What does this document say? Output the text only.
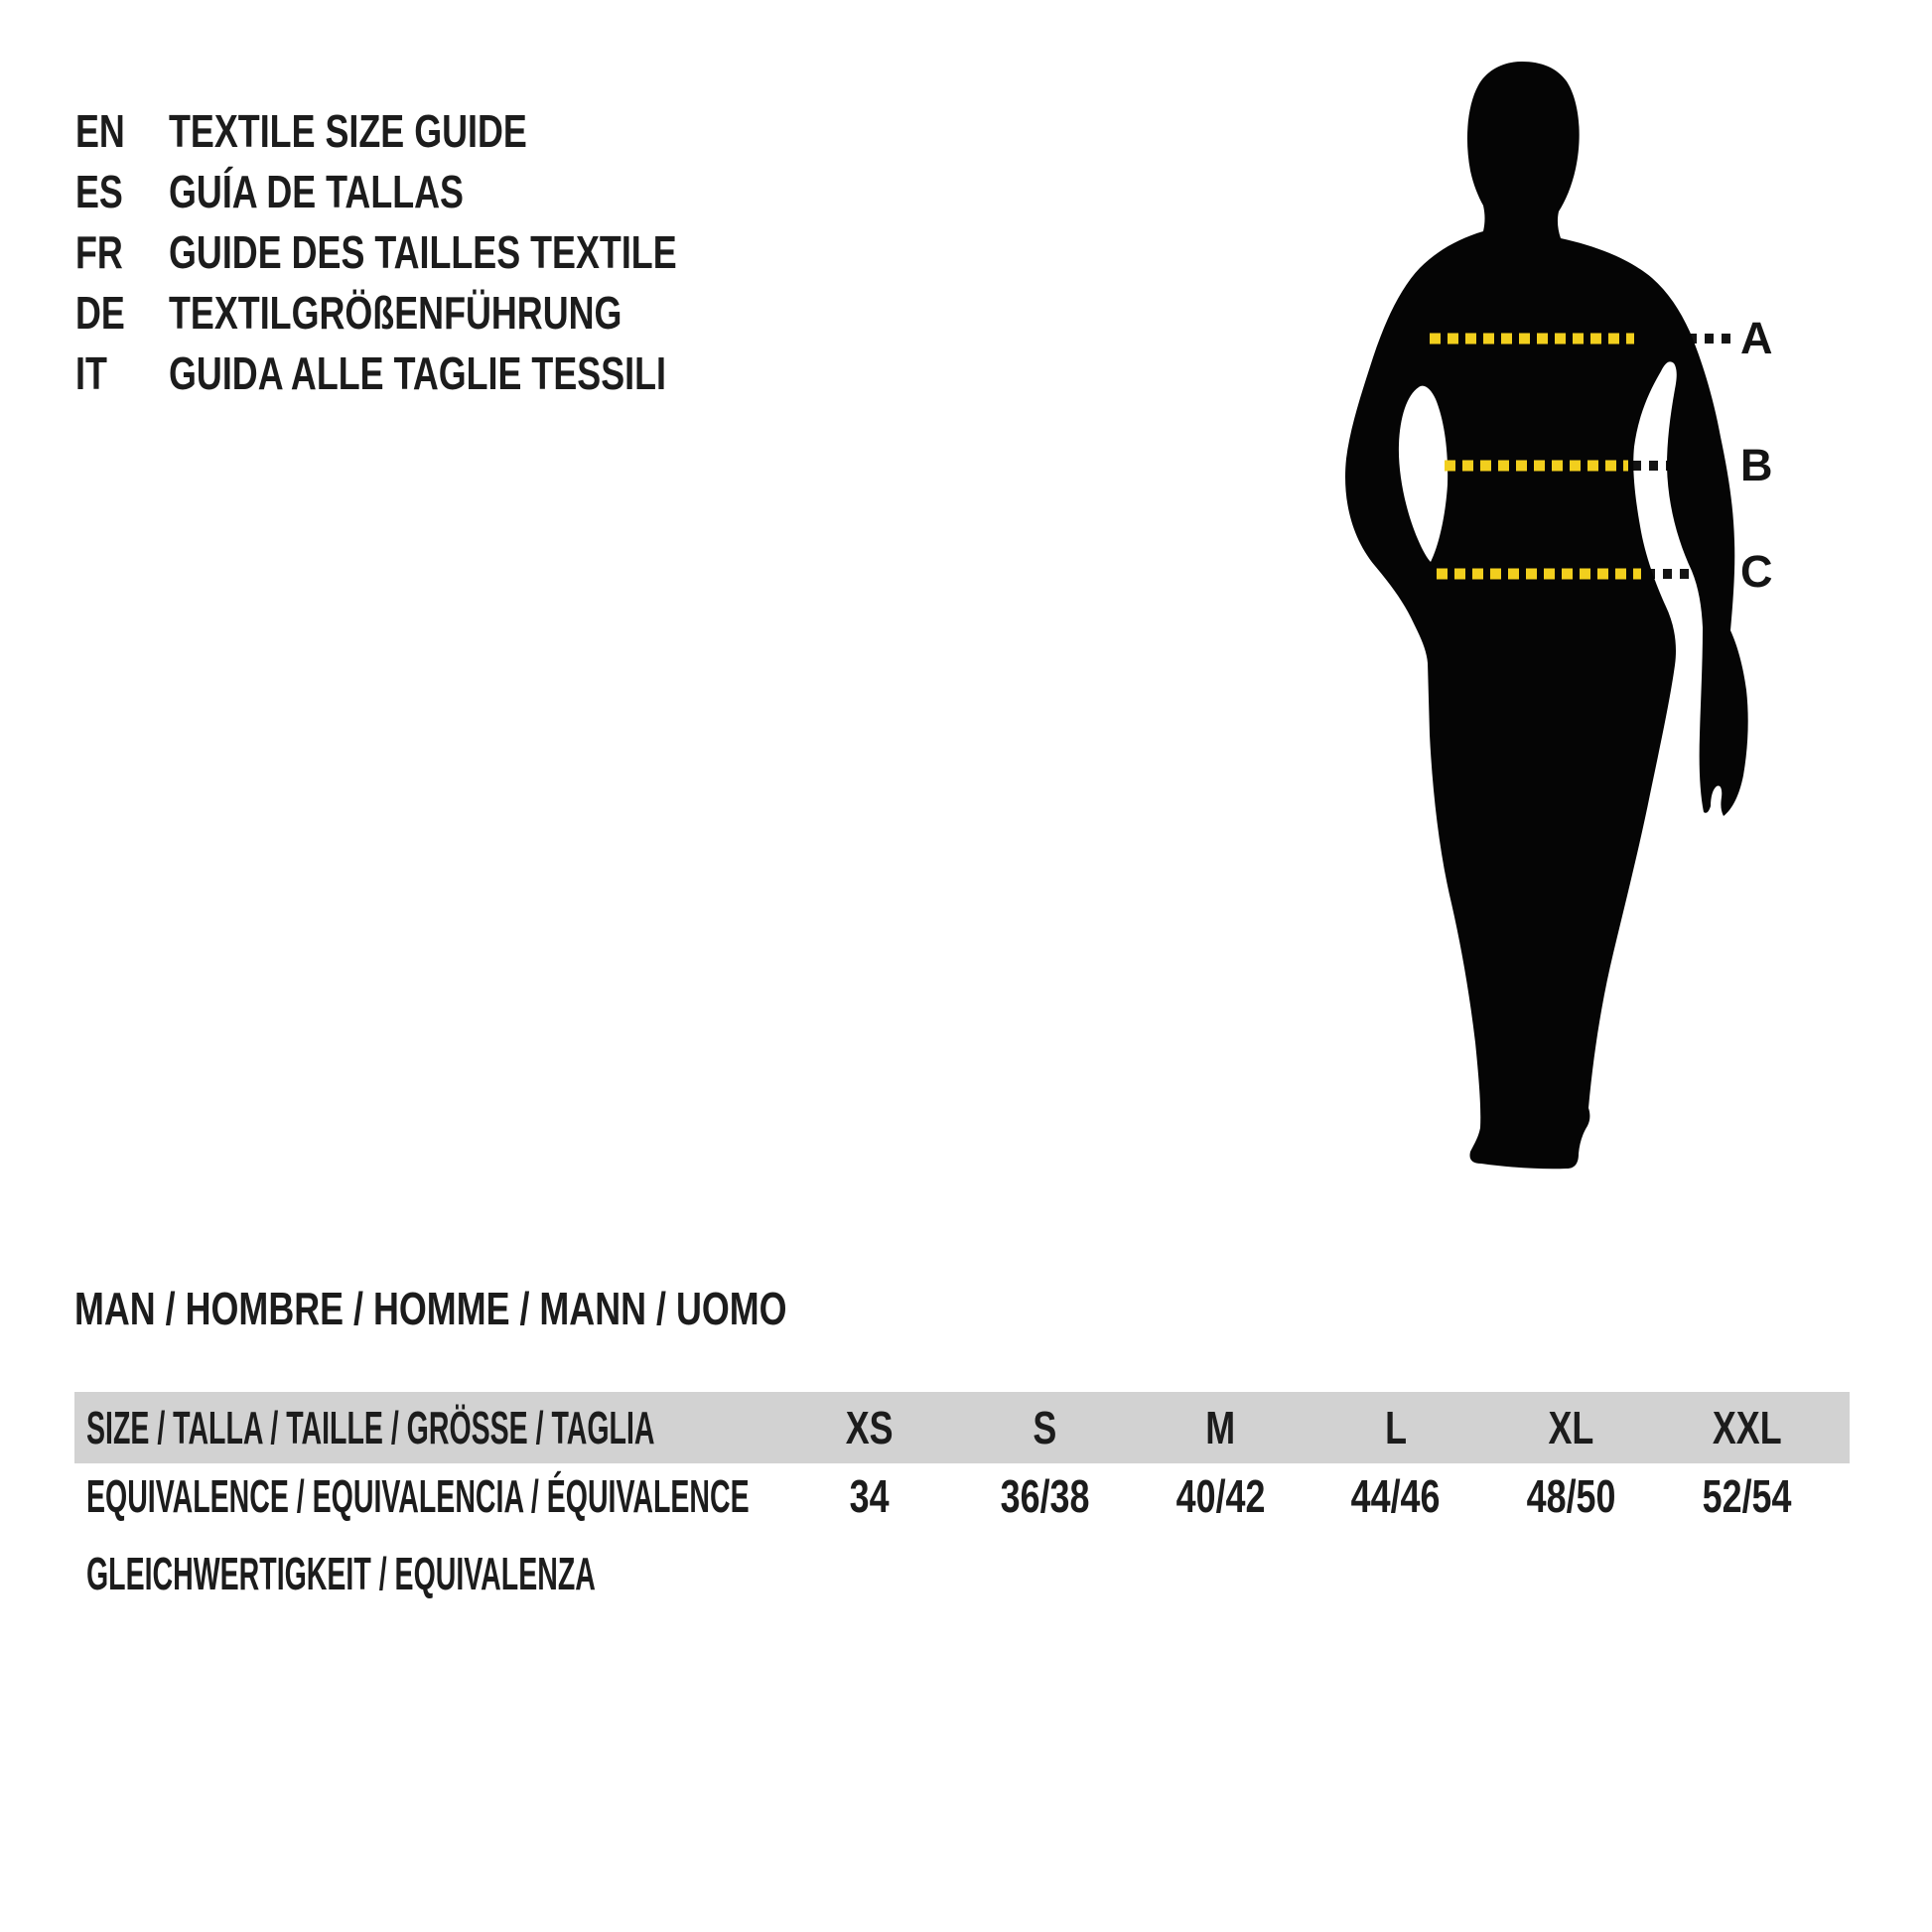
EN TEXTILE SIZE GUIDE
ES	GUÍA DE TALLAS
FR	GUIDE DES TAILLES TEXTILE
DE TEXTILGRÖßENFÜHRUNG
IT	GUIDA ALLE TAGLIE TESSILI
A
B
C
MAN / HOMBRE / HOMME / MANN / UOMO
SIZE / TALLA / TAILLE / GRÖSSE / TAGLIA	XS	S	M	L	XL	XXL
EQUIVALENCE / EQUIVALENCIA / ÉQUIVALENCE	34	36/38	40/42	44/46	48/50	52/54
GLEICHWERTIGKEIT / EQUIVALENZA
